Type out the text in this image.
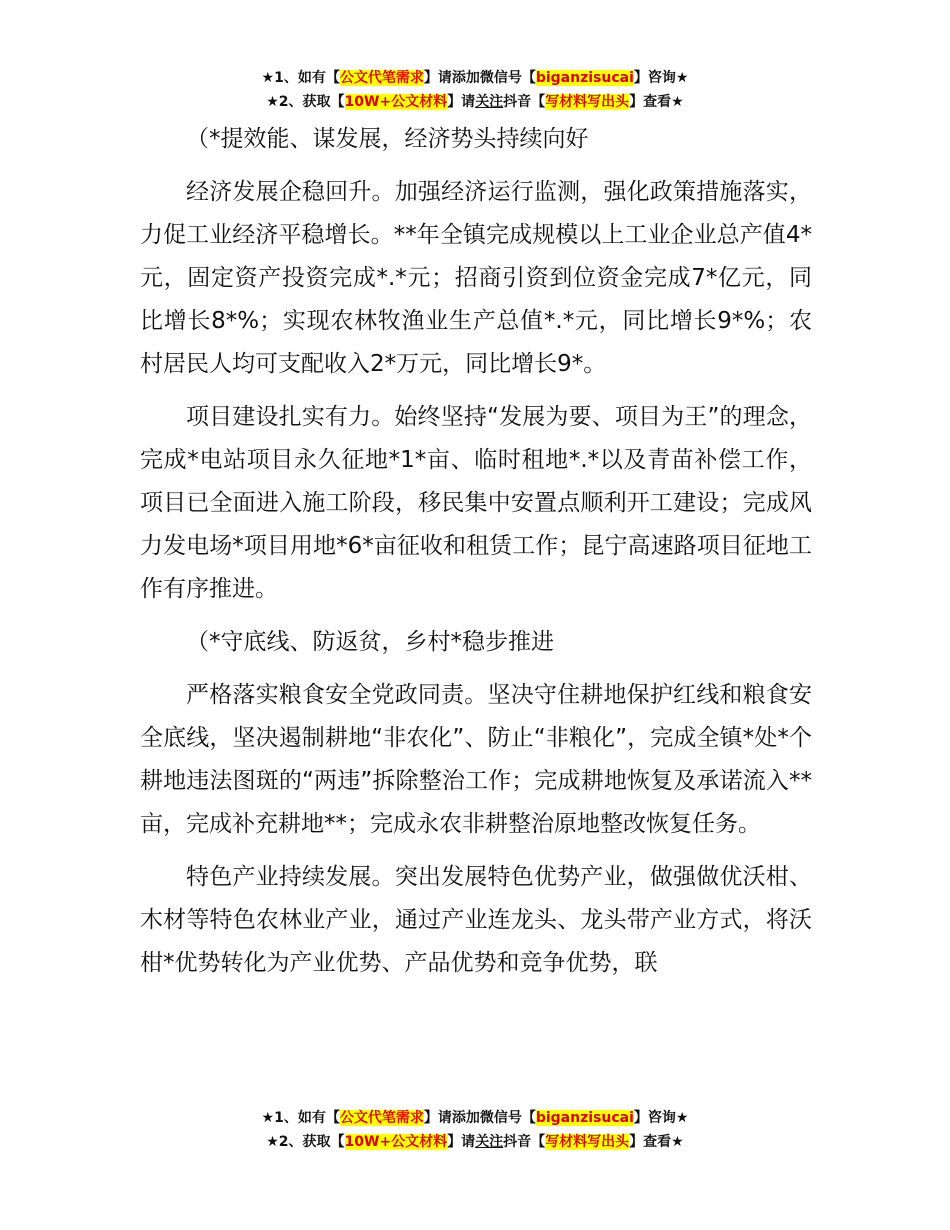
★1、如有【公文代笔需求】请添加微信号【biganzisucai】咨询★
★2、获取【10W+公文材料】请关注抖音【写材料写出头】查看★

（*提效能、谋发展，经济势头持续向好

经济发展企稳回升。加强经济运行监测，强化政策措施落实，力促工业经济平稳增长。**年全镇完成规模以上工业企业总产值4*元，固定资产投资完成*.*元；招商引资到位资金完成7*亿元，同比增长8*%；实现农林牧渔业生产总值*.*元，同比增长9*%；农村居民人均可支配收入2*万元，同比增长9*。

项目建设扎实有力。始终坚持“发展为要、项目为王”的理念，完成*电站项目永久征地*1*亩、临时租地*.*以及青苗补偿工作，项目已全面进入施工阶段，移民集中安置点顺利开工建设；完成风力发电场*项目用地*6*亩征收和租赁工作；昆宁高速路项目征地工作有序推进。

（*守底线、防返贫，乡村*稳步推进

严格落实粮食安全党政同责。坚决守住耕地保护红线和粮食安全底线，坚决遏制耕地“非农化”、防止“非粮化”，完成全镇*处*个耕地违法图斑的“两违”拆除整治工作；完成耕地恢复及承诺流入**亩，完成补充耕地**；完成永农非耕整治原地整改恢复任务。

特色产业持续发展。突出发展特色优势产业，做强做优沃柑、木材等特色农林业产业，通过产业连龙头、龙头带产业方式，将沃柑*优势转化为产业优势、产品优势和竞争优势，联

★1、如有【公文代笔需求】请添加微信号【biganzisucai】咨询★
★2、获取【10W+公文材料】请关注抖音【写材料写出头】查看★
